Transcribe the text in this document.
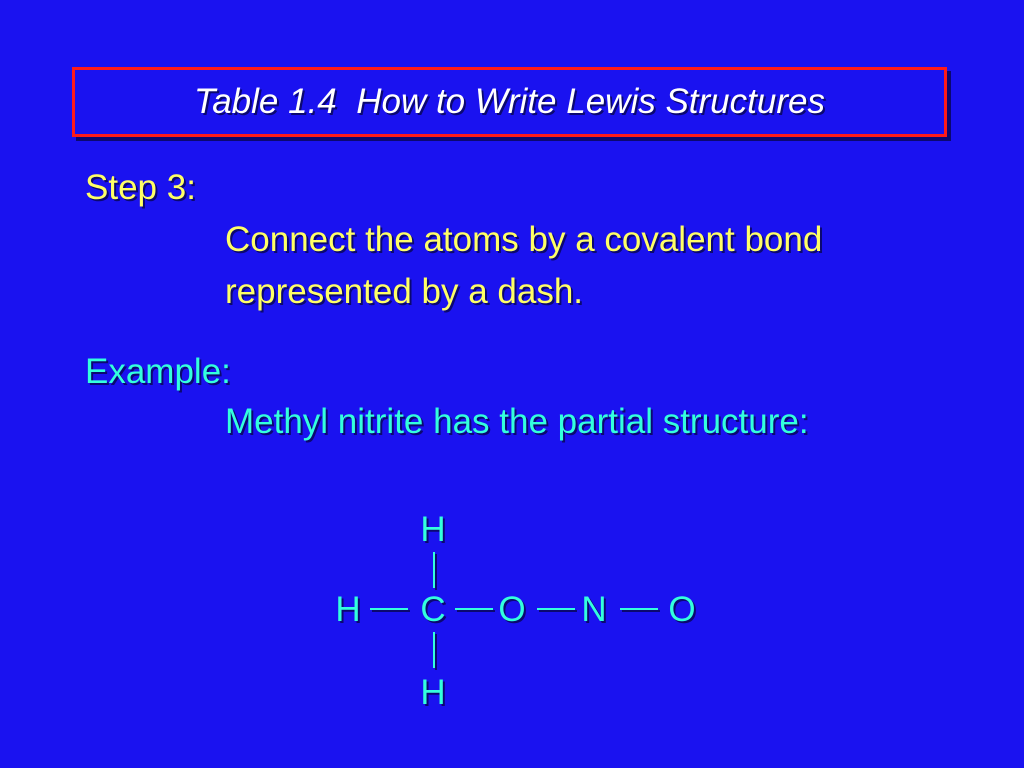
Table 1.4  How to Write Lewis Structures
Step 3:
Connect the atoms by a covalent bond
represented by a dash.
Example:
Methyl nitrite has the partial structure:
H
H C O N O
H
